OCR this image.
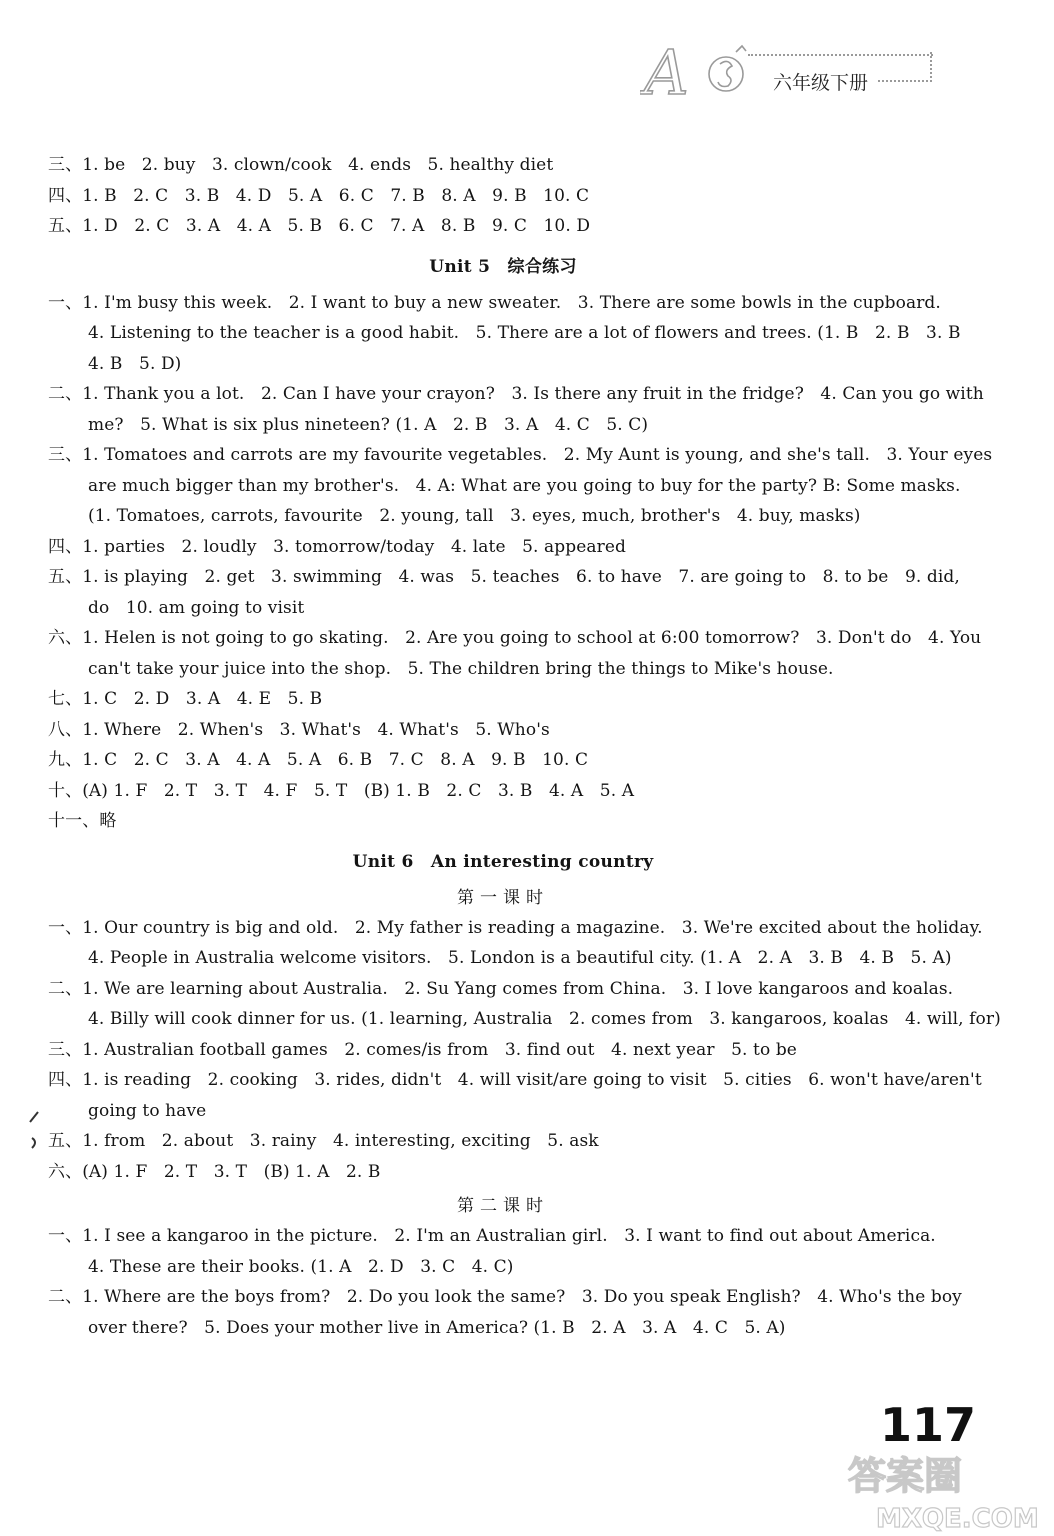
A	六年级下册
三、1. be   2. buy   3. clown/cook   4. ends   5. healthy diet
四、1. B   2. C   3. B   4. D   5. A   6. C   7. B   8. A   9. B   10. C
五、1. D   2. C   3. A   4. A   5. B   6. C   7. A   8. B   9. C   10. D
Unit 5　综合练习
一、1. I'm busy this week.   2. I want to buy a new sweater.   3. There are some bowls in the cupboard.
4. Listening to the teacher is a good habit.   5. There are a lot of flowers and trees. (1. B   2. B   3. B
4. B   5. D)
二、1. Thank you a lot.   2. Can I have your crayon?   3. Is there any fruit in the fridge?   4. Can you go with
me?   5. What is six plus nineteen? (1. A   2. B   3. A   4. C   5. C)
三、1. Tomatoes and carrots are my favourite vegetables.   2. My Aunt is young, and she's tall.   3. Your eyes
are much bigger than my brother's.   4. A: What are you going to buy for the party? B: Some masks.
(1. Tomatoes, carrots, favourite   2. young, tall   3. eyes, much, brother's   4. buy, masks)
四、1. parties   2. loudly   3. tomorrow/today   4. late   5. appeared
五、1. is playing   2. get   3. swimming   4. was   5. teaches   6. to have   7. are going to   8. to be   9. did,
do   10. am going to visit
六、1. Helen is not going to go skating.   2. Are you going to school at 6:00 tomorrow?   3. Don't do   4. You
can't take your juice into the shop.   5. The children bring the things to Mike's house.
七、1. C   2. D   3. A   4. E   5. B
八、1. Where   2. When's   3. What's   4. What's   5. Who's
九、1. C   2. C   3. A   4. A   5. A   6. B   7. C   8. A   9. B   10. C
十、(A) 1. F   2. T   3. T   4. F   5. T   (B) 1. B   2. C   3. B   4. A   5. A
十一、略
Unit 6　An interesting country
第一课时
一、1. Our country is big and old.   2. My father is reading a magazine.   3. We're excited about the holiday.
4. People in Australia welcome visitors.   5. London is a beautiful city. (1. A   2. A   3. B   4. B   5. A)
二、1. We are learning about Australia.   2. Su Yang comes from China.   3. I love kangaroos and koalas.
4. Billy will cook dinner for us. (1. learning, Australia   2. comes from   3. kangaroos, koalas   4. will, for)
三、1. Australian football games   2. comes/is from   3. find out   4. next year   5. to be
四、1. is reading   2. cooking   3. rides, didn't   4. will visit/are going to visit   5. cities   6. won't have/aren't
going to have
五、1. from   2. about   3. rainy   4. interesting, exciting   5. ask
六、(A) 1. F   2. T   3. T   (B) 1. A   2. B
第二课时
一、1. I see a kangaroo in the picture.   2. I'm an Australian girl.   3. I want to find out about America.
4. These are their books. (1. A   2. D   3. C   4. C)
二、1. Where are the boys from?   2. Do you look the same?   3. Do you speak English?   4. Who's the boy
over there?   5. Does your mother live in America? (1. B   2. A   3. A   4. C   5. A)
117
答案圈
MXQE.COM
